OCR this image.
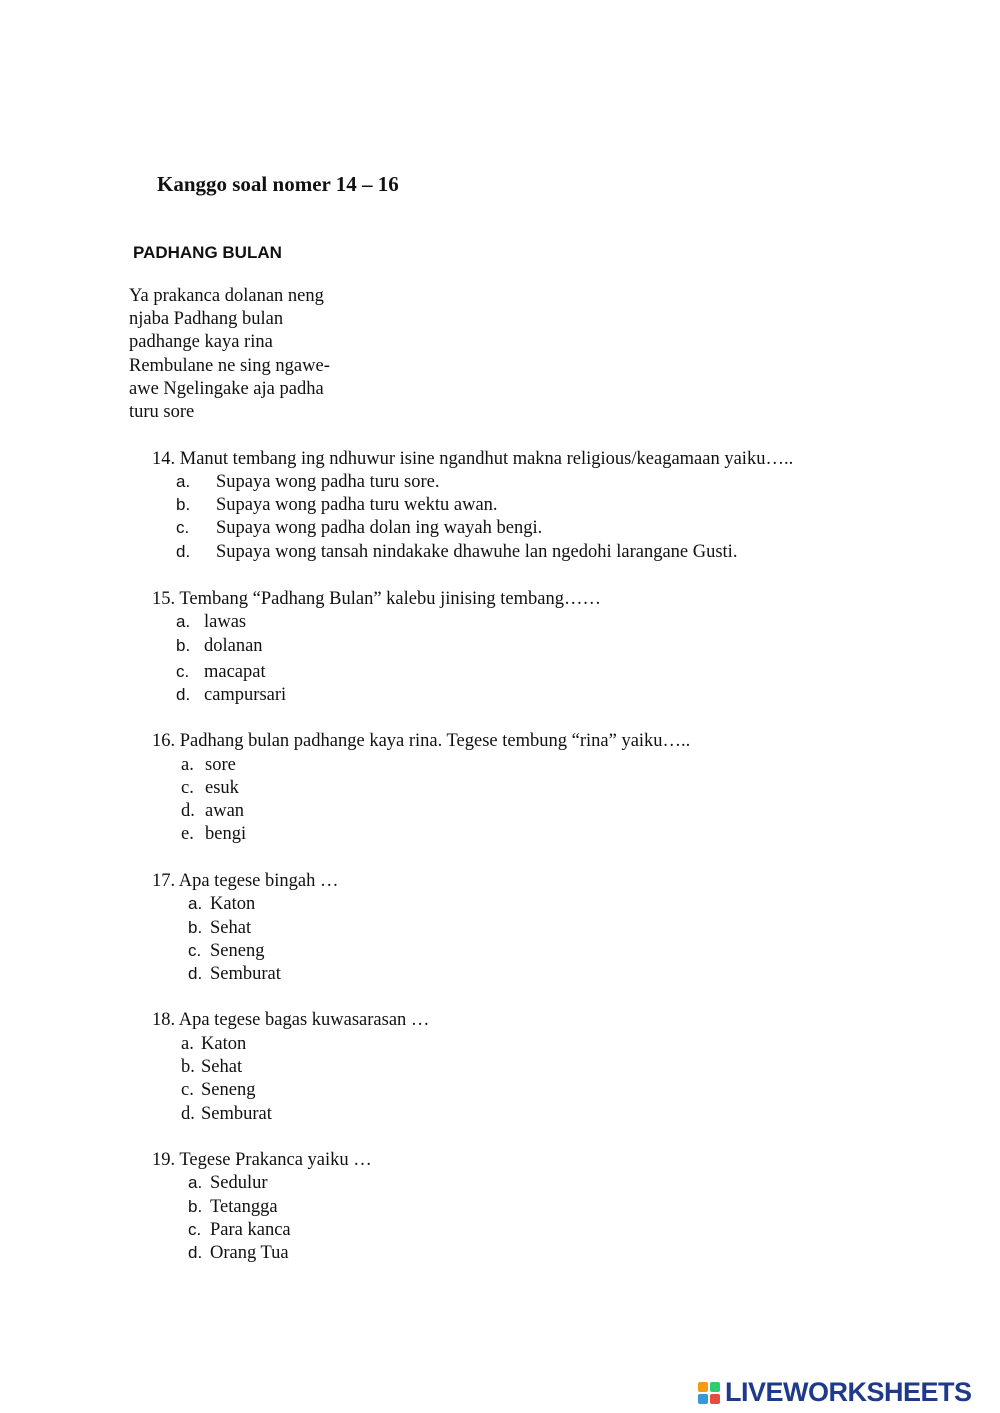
Kanggo soal nomer 14 – 16
PADHANG BULAN
Ya prakanca dolanan neng
njaba Padhang bulan
padhange kaya rina
Rembulane ne sing ngawe-
awe Ngelingake aja padha
turu sore
14. Manut tembang ing ndhuwur isine ngandhut makna religious/keagamaan yaiku…..
a.	Supaya wong padha turu sore.
b.	Supaya wong padha turu wektu awan.
c.	Supaya wong padha dolan ing wayah bengi.
d.	Supaya wong tansah nindakake dhawuhe lan ngedohi larangane Gusti.
15. Tembang “Padhang Bulan” kalebu jinising tembang……
a. lawas
b. dolanan
c. macapat
d. campursari
16. Padhang bulan padhange kaya rina. Tegese tembung “rina” yaiku…..
a. sore
c. esuk
d. awan
e. bengi
17. Apa tegese bingah …
a. Katon
b. Sehat
c. Seneng
d. Semburat
18. Apa tegese bagas kuwasarasan …
a. Katon
b. Sehat
c. Seneng
d. Semburat
19. Tegese Prakanca yaiku …
a. Sedulur
b. Tetangga
c. Para kanca
d. Orang Tua
LIVEWORKSHEETS
